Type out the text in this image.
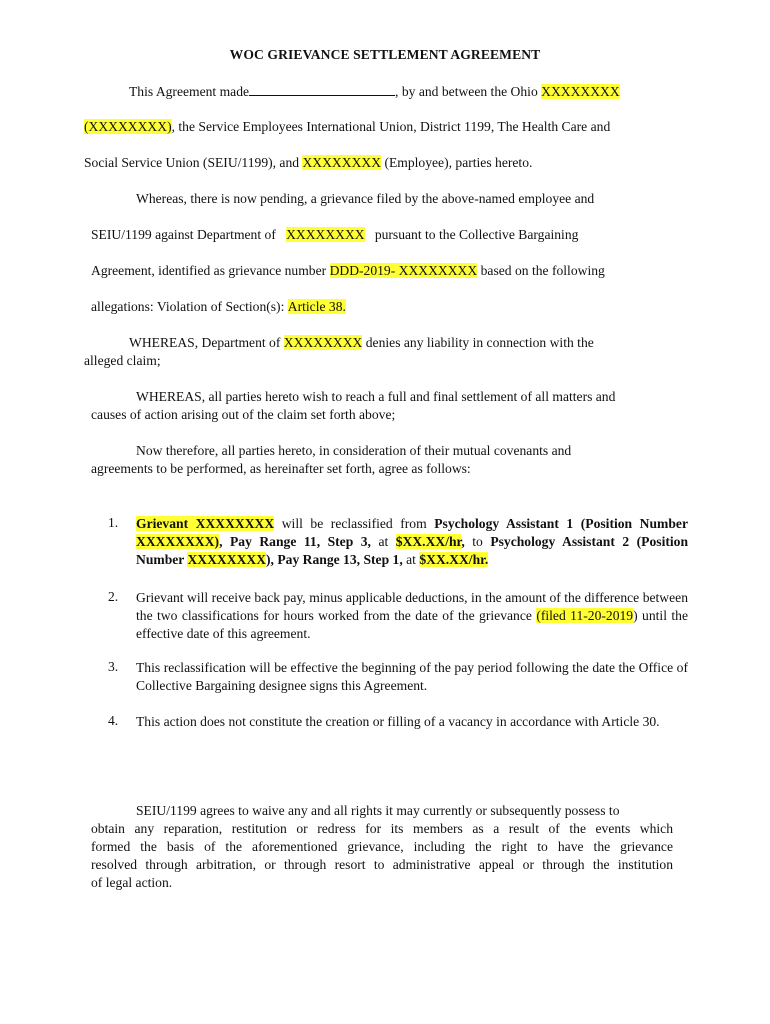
WOC GRIEVANCE SETTLEMENT AGREEMENT
This Agreement made	, by and between the Ohio XXXXXXXX
(XXXXXXXX), the Service Employees International Union, District 1199, The Health Care and
Social Service Union (SEIU/1199), and XXXXXXXX (Employee), parties hereto.
Whereas, there is now pending, a grievance filed by the above-named employee and
SEIU/1199 against Department of XXXXXXXX pursuant to the Collective Bargaining
Agreement, identified as grievance number DDD-2019- XXXXXXXX based on the following
allegations: Violation of Section(s): Article 38.
WHEREAS, Department of XXXXXXXX denies any liability in connection with the
alleged claim;
WHEREAS, all parties hereto wish to reach a full and final settlement of all matters and
causes of action arising out of the claim set forth above;
Now therefore, all parties hereto, in consideration of their mutual covenants and
agreements to be performed, as hereinafter set forth, agree as follows:
1.	Grievant XXXXXXXX will be reclassified from Psychology Assistant 1 (Position Number XXXXXXXX), Pay Range 11, Step 3, at $XX.XX/hr, to Psychology Assistant 2 (Position Number XXXXXXXX), Pay Range 13, Step 1, at $XX.XX/hr.
2.	Grievant will receive back pay, minus applicable deductions, in the amount of the difference between the two classifications for hours worked from the date of the grievance (filed 11-20-2019) until the effective date of this agreement.
3.	This reclassification will be effective the beginning of the pay period following the date the Office of Collective Bargaining designee signs this Agreement.
4.	This action does not constitute the creation or filling of a vacancy in accordance with Article 30.
SEIU/1199 agrees to waive any and all rights it may currently or subsequently possess to
obtain any reparation, restitution or redress for its members as a result of the events which
formed the basis of the aforementioned grievance, including the right to have the grievance
resolved through arbitration, or through resort to administrative appeal or through the institution
of legal action.
